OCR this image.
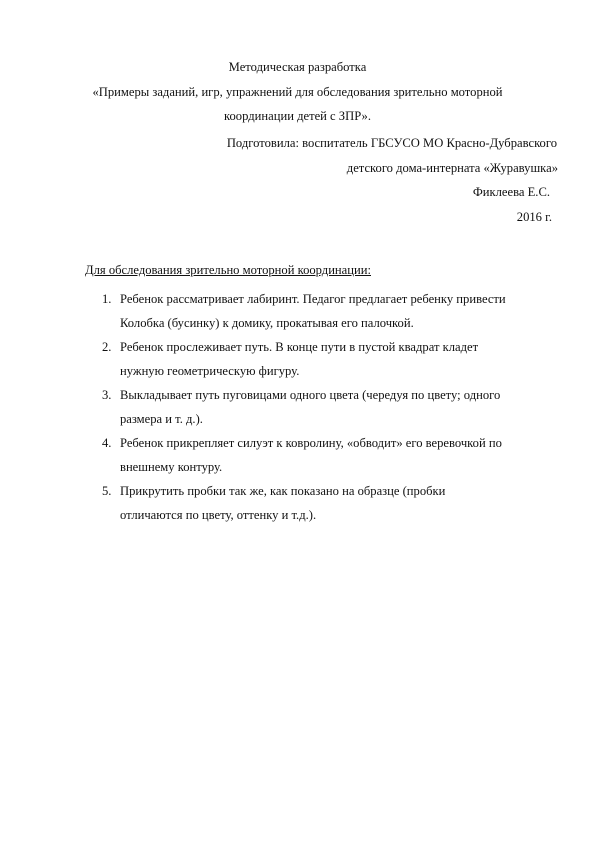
Методическая разработка
«Примеры заданий, игр, упражнений для обследования зрительно моторной
координации детей с ЗПР».
Подготовила: воспитатель ГБСУСО МО Красно-Дубравского
детского дома-интерната «Журавушка»
Фиклеева Е.С.
2016 г.
Для обследования зрительно моторной координации:
1. Ребенок рассматривает лабиринт. Педагог предлагает ребенку привести
Колобка (бусинку) к домику, прокатывая его палочкой.
2. Ребенок прослеживает путь. В конце пути в пустой квадрат кладет
нужную геометрическую фигуру.
3. Выкладывает путь пуговицами одного цвета (чередуя по цвету; одного
размера и т. д.).
4. Ребенок прикрепляет силуэт к ковролину, «обводит» его веревочкой по
внешнему контуру.
5. Прикрутить пробки так же, как показано на образце (пробки
отличаются по цвету, оттенку и т.д.).
